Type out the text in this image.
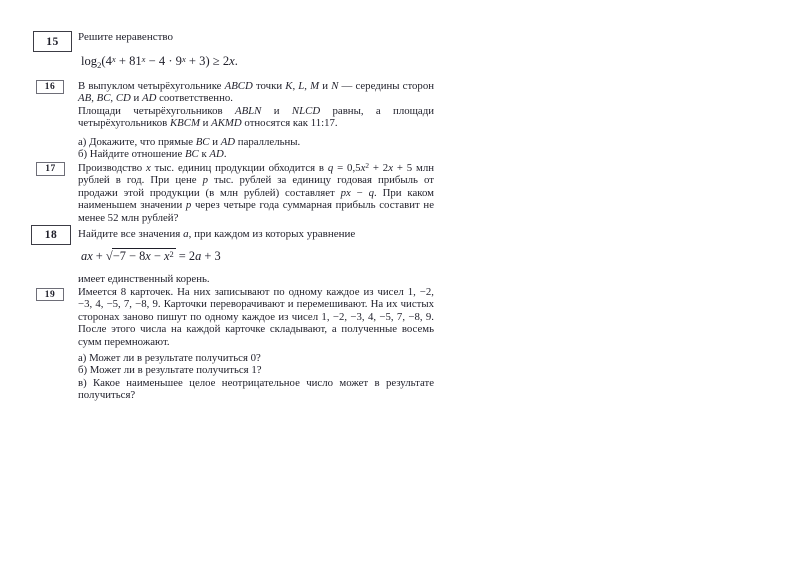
15 Решите неравенство

$\log 2(4^x + 81^x - 4 \cdot 9^x + 3) \ge 2x$.

16 В выпуклом четырёхугольнике ABCD точки K, L, M и N — середины сторон AB, BC, CD и AD соответственно.

Площади четырёхугольников ABLN и NLCD равны, а площади четырёхугольников KBCM и AKMD относятся как 11:17.

а) Докажите, что прямые BC и AD параллельны.

б) Найдите отношение BC к AD.

17 Производство x тыс. единиц продукции обходится в $q = 0,5x^2 + 2x + 5$ млн рублей в год. При цене p тыс. рублей за единицу годовая прибыль от продажи этой продукции (в млн рублей) составляет px − q. При каком наименьшем значении p через четыре года суммарная прибыль составит не менее 52 млн рублей?

18 Найдите все значения a, при каждом из которых уравнение

ax + $√-7 - 8x - x^2 = 2a + 3$

имеет единственный корень.

19 Имеется 8 карточек. На них записывают по одному каждое из чисел 1, −2, −3, 4, −5, 7, −8, 9. Карточки переворачивают и перемешивают. На их чистых сторонах заново пишут по одному каждое из чисел 1, −2, −3, 4, −5, 7, −8, 9. После этого числа на каждой карточке складывают, а полученные восемь сумм перемножают.

а) Может ли в результате получиться 0?

б) Может ли в результате получиться 1?

в) Какое наименьшее целое неотрицательное число может в результате получиться?
